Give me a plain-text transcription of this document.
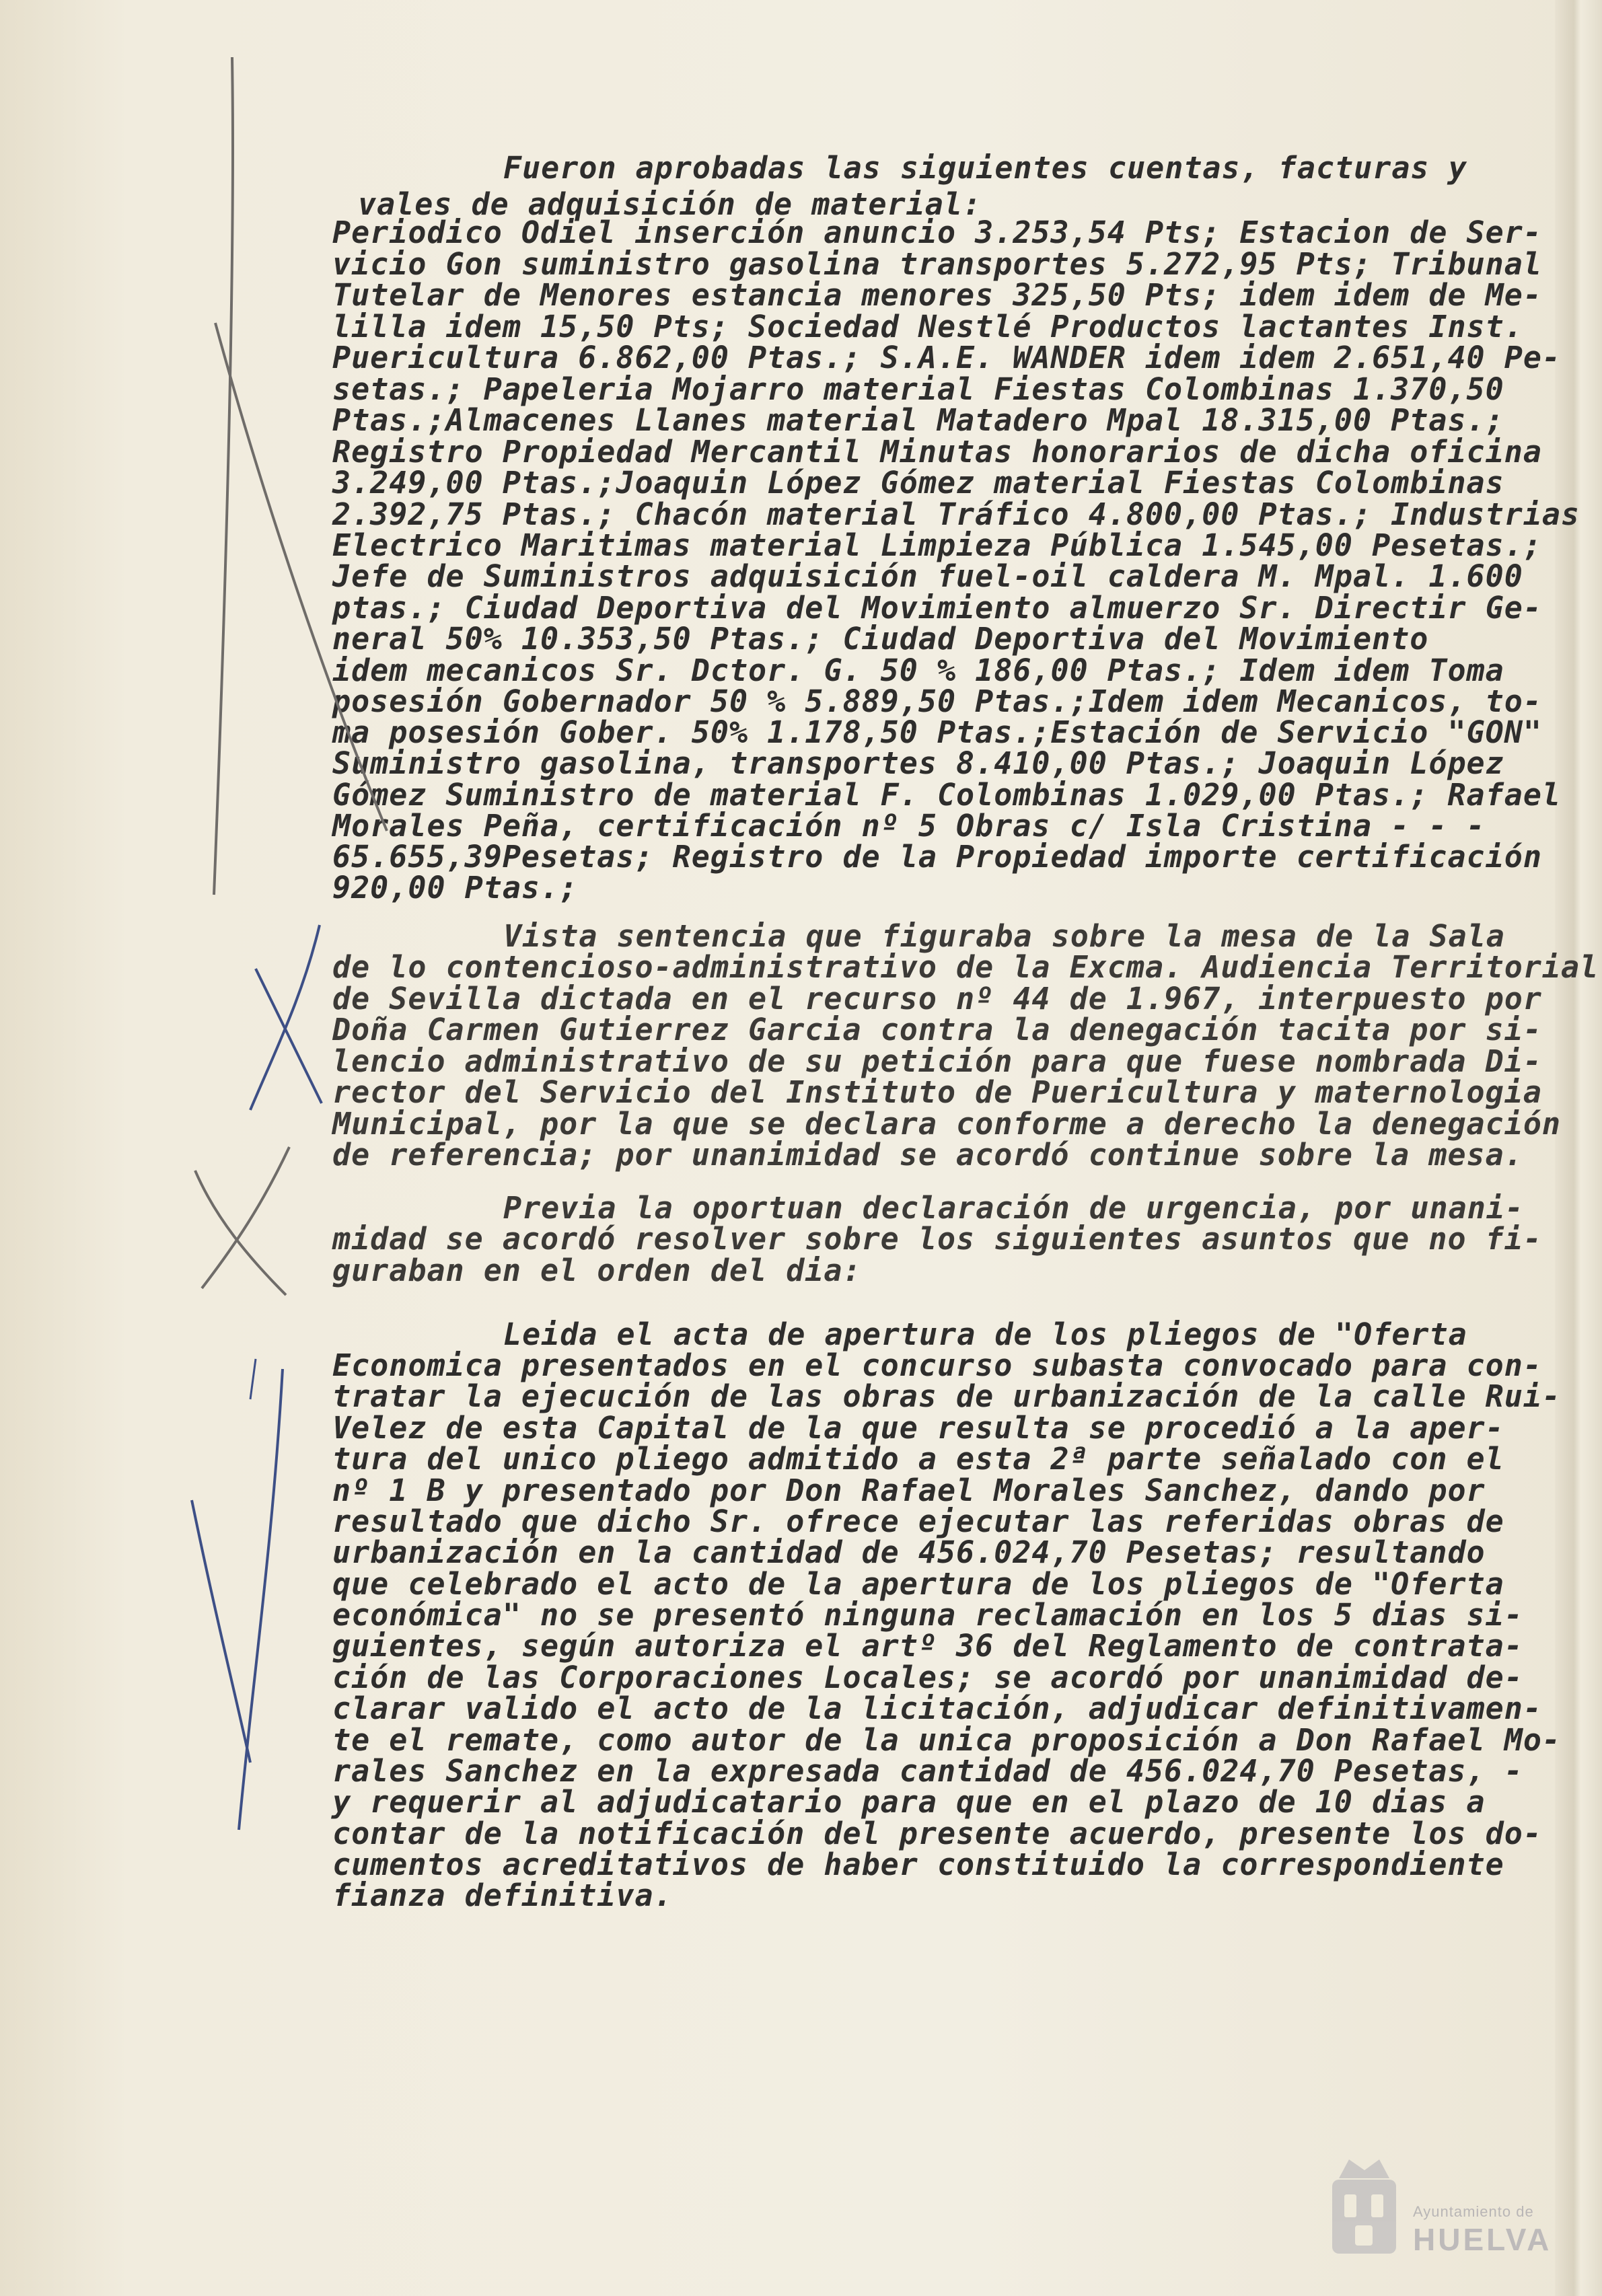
Fueron aprobadas las siguientes cuentas, facturas y
vales de adquisición de material:
Periodico Odiel inserción anuncio 3.253,54 Pts; Estacion de Ser-
vicio Gon suministro gasolina transportes 5.272,95 Pts; Tribunal
Tutelar de Menores estancia menores 325,50 Pts; idem idem de Me-
lilla idem 15,50 Pts; Sociedad Nestlé Productos lactantes Inst.
Puericultura 6.862,00 Ptas.; S.A.E. WANDER idem idem 2.651,40 Pe-
setas.; Papeleria Mojarro material Fiestas Colombinas 1.370,50
Ptas.;Almacenes Llanes material Matadero Mpal 18.315,00 Ptas.;
Registro Propiedad Mercantil Minutas honorarios de dicha oficina
3.249,00 Ptas.;Joaquin López Gómez material Fiestas Colombinas
2.392,75 Ptas.; Chacón material Tráfico 4.800,00 Ptas.; Industrias
Electrico Maritimas material Limpieza Pública 1.545,00 Pesetas.;
Jefe de Suministros adquisición fuel-oil caldera M. Mpal. 1.600
ptas.; Ciudad Deportiva del Movimiento almuerzo Sr. Directir Ge-
neral 50% 10.353,50 Ptas.; Ciudad Deportiva del Movimiento
idem mecanicos Sr. Dctor. G. 50 % 186,00 Ptas.; Idem idem Toma
posesión Gobernador 50 % 5.889,50 Ptas.;Idem idem Mecanicos, to-
ma posesión Gober. 50% 1.178,50 Ptas.;Estación de Servicio "GON"
Suministro gasolina, transportes 8.410,00 Ptas.; Joaquin López
Gómez Suministro de material F. Colombinas 1.029,00 Ptas.; Rafael
Morales Peña, certificación nº 5 Obras c/ Isla Cristina - - -
65.655,39Pesetas; Registro de la Propiedad importe certificación
920,00 Ptas.;
Vista sentencia que figuraba sobre la mesa de la Sala
de lo contencioso-administrativo de la Excma. Audiencia Territorial
de Sevilla dictada en el recurso nº 44 de 1.967, interpuesto por
Doña Carmen Gutierrez Garcia contra la denegación tacita por si-
lencio administrativo de su petición para que fuese nombrada Di-
rector del Servicio del Instituto de Puericultura y maternologia
Municipal, por la que se declara conforme a derecho la denegación
de referencia; por unanimidad se acordó continue sobre la mesa.
Previa la oportuan declaración de urgencia, por unani-
midad se acordó resolver sobre los siguientes asuntos que no fi-
guraban en el orden del dia:
Leida el acta de apertura de los pliegos de "Oferta
Economica presentados en el concurso subasta convocado para con-
tratar la ejecución de las obras de urbanización de la calle Rui-
Velez de esta Capital de la que resulta se procedió a la aper-
tura del unico pliego admitido a esta 2ª parte señalado con el
nº 1 B y presentado por Don Rafael Morales Sanchez, dando por
resultado que dicho Sr. ofrece ejecutar las referidas obras de
urbanización en la cantidad de 456.024,70 Pesetas; resultando
que celebrado el acto de la apertura de los pliegos de "Oferta
económica" no se presentó ninguna reclamación en los 5 dias si-
guientes, según autoriza el artº 36 del Reglamento de contrata-
ción de las Corporaciones Locales; se acordó por unanimidad de-
clarar valido el acto de la licitación, adjudicar definitivamen-
te el remate, como autor de la unica proposición a Don Rafael Mo-
rales Sanchez en la expresada cantidad de 456.024,70 Pesetas, -
y requerir al adjudicatario para que en el plazo de 10 dias a
contar de la notificación del presente acuerdo, presente los do-
cumentos acreditativos de haber constituido la correspondiente
fianza definitiva.
Ayuntamiento de
HUELVA
